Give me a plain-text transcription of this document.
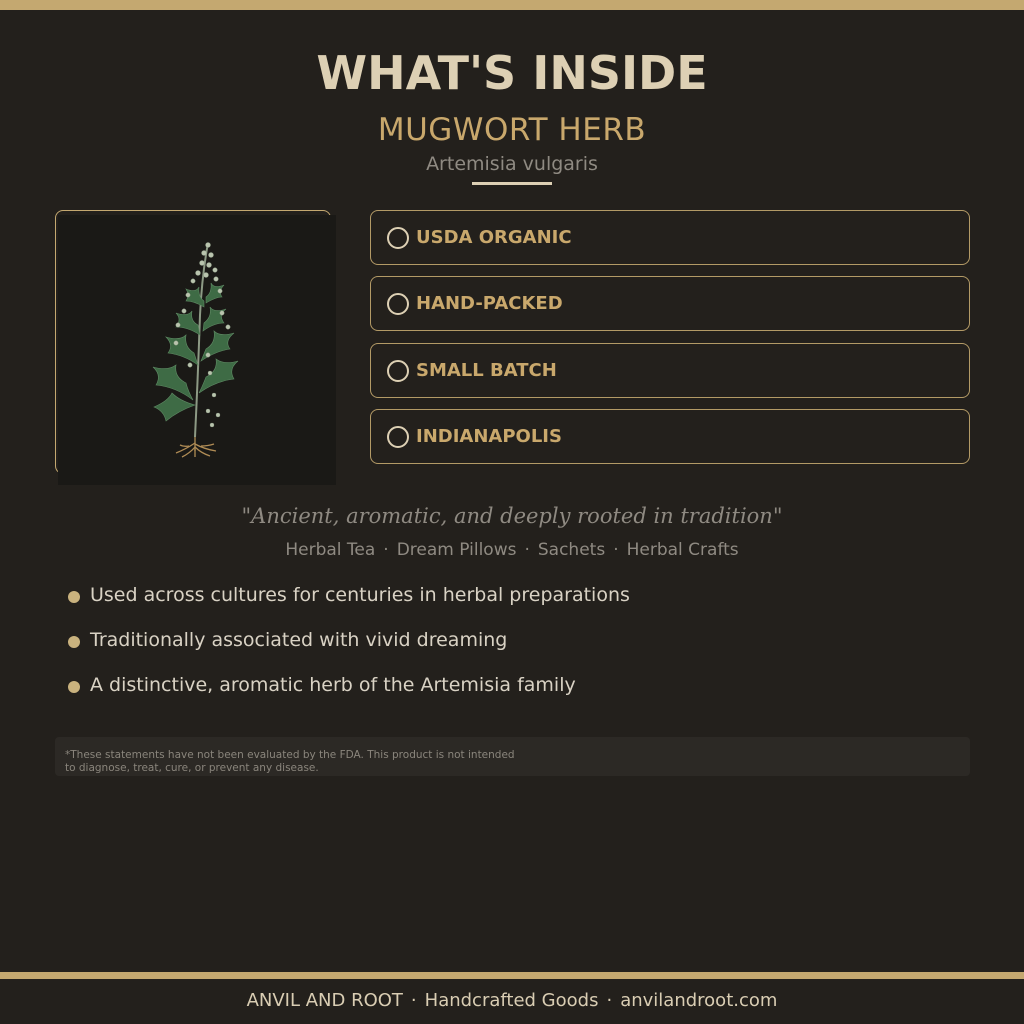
WHAT'S INSIDE
MUGWORT HERB
Artemisia vulgaris
USDA ORGANIC
HAND-PACKED
SMALL BATCH
INDIANAPOLIS
"Ancient, aromatic, and deeply rooted in tradition"
Herbal Tea · Dream Pillows · Sachets · Herbal Crafts
Used across cultures for centuries in herbal preparations
Traditionally associated with vivid dreaming
A distinctive, aromatic herb of the Artemisia family
*These statements have not been evaluated by the FDA. This product is not intended to diagnose, treat, cure, or prevent any disease.
ANVIL AND ROOT · Handcrafted Goods · anvilandroot.com
